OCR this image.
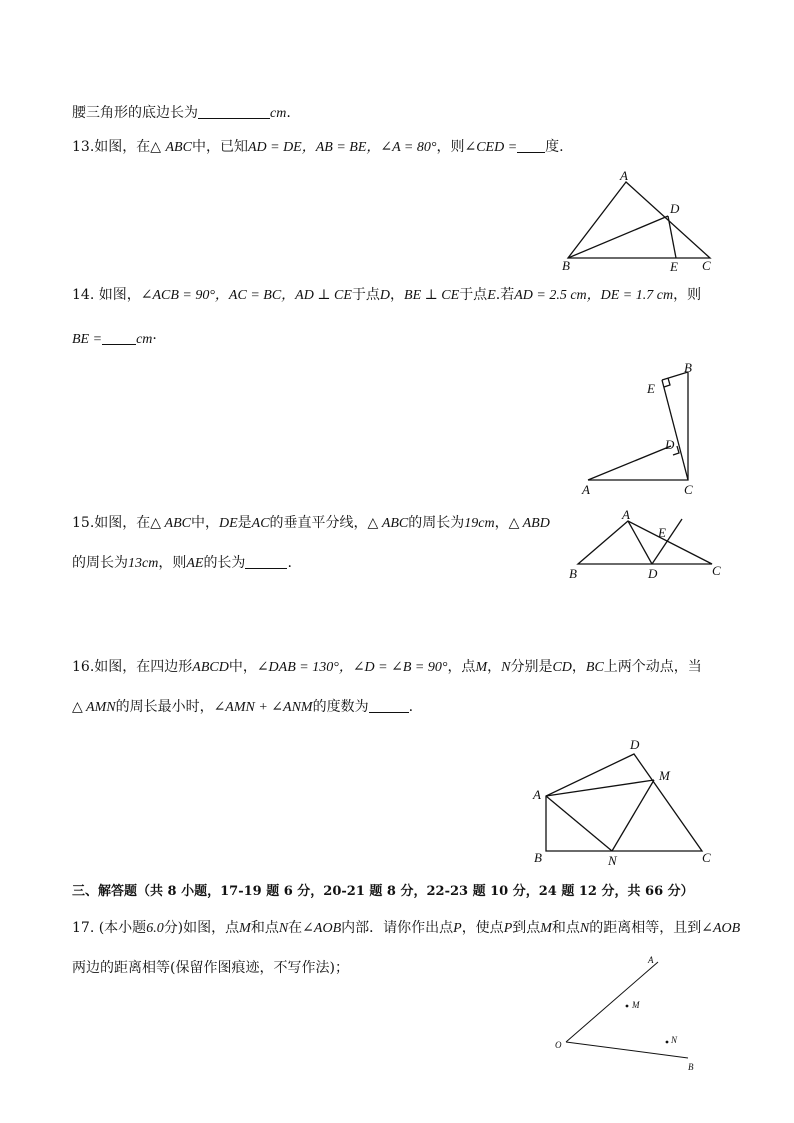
腰三角形的底边长为	cm.
13.如图，在△ ABC中，已知AD = DE，AB = BE，∠A = 80°，则∠CED = 度.
A
B	C
D
E
14. 如图，∠ACB = 90°，AC = BC，AD ⊥ CE于点D，BE ⊥ CE于点E.若AD = 2.5 cm，DE = 1.7 cm，则
BE = cm·
A
B
C
D
E
15.如图，在△ ABC中，DE是AC的垂直平分线，△ ABC的周长为19cm，△ ABD
的周长为13cm，则AE的长为	.
A
B	C
D
E
16.如图，在四边形ABCD中，∠DAB = 130°，∠D = ∠B = 90°，点M，N分别是CD，BC上两个动点，当
△ AMN的周长最小时，∠AMN + ∠ANM的度数为	.
A
B	C
D
M
N
三、解答题（共 8 小题，17-19 题 6 分，20-21 题 8 分，22-23 题 10 分，24 题 12 分，共 66 分）
17. (本小题6.0分)如图，点M和点N在∠AOB内部．请你作出点P，使点P到点M和点N的距离相等，且到∠AOB
两边的距离相等(保留作图痕迹，不写作法)；	A
B
O
M
N
